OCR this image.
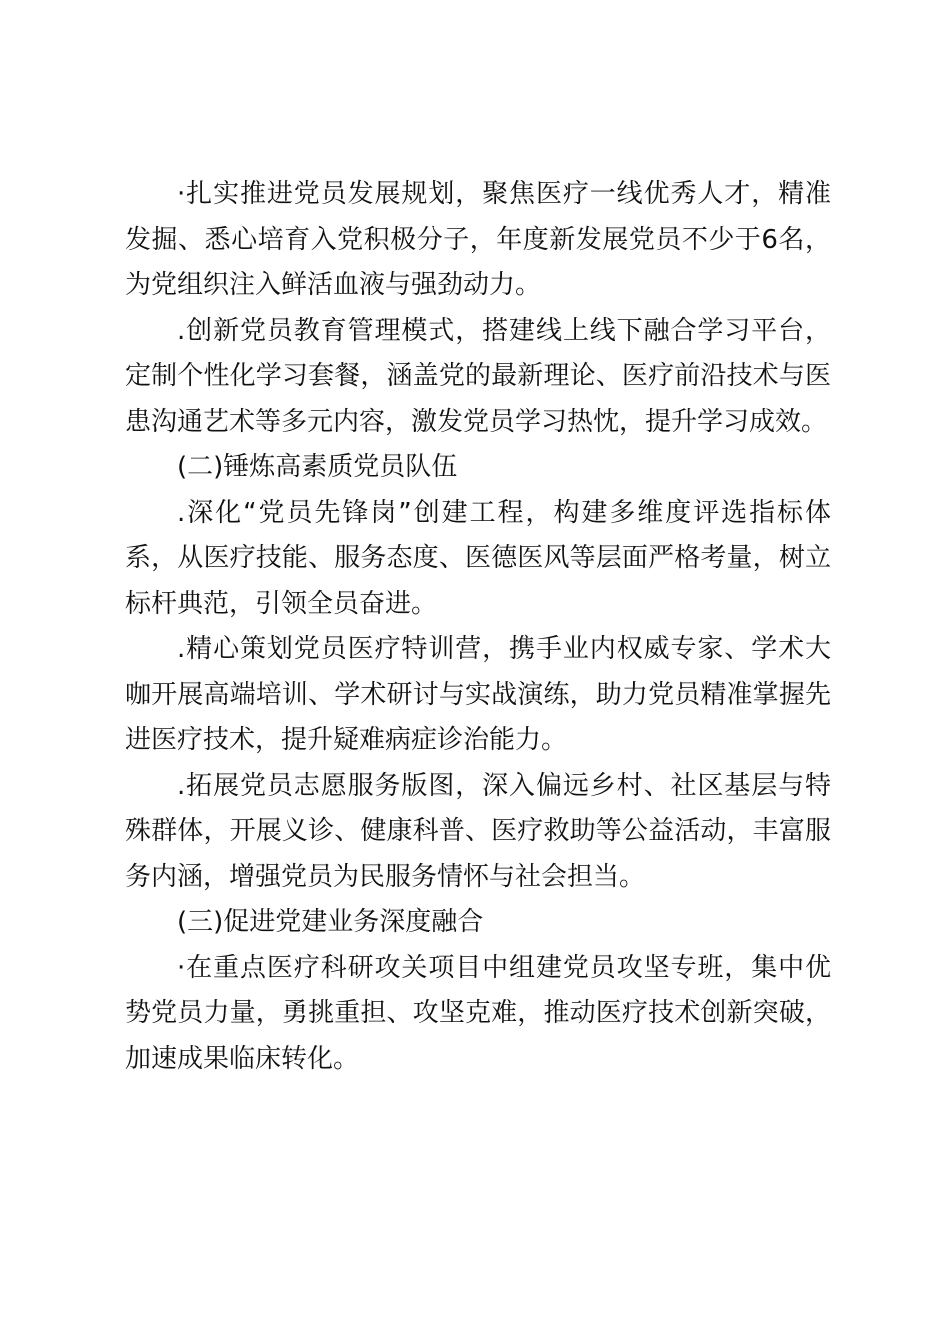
·扎实推进党员发展规划，聚焦医疗一线优秀人才，精准发掘、悉心培育入党积极分子，年度新发展党员不少于6名，为党组织注入鲜活血液与强劲动力。

.创新党员教育管理模式，搭建线上线下融合学习平台，定制个性化学习套餐，涵盖党的最新理论、医疗前沿技术与医患沟通艺术等多元内容，激发党员学习热忱，提升学习成效。

(二)锤炼高素质党员队伍

.深化“党员先锋岗”创建工程，构建多维度评选指标体系，从医疗技能、服务态度、医德医风等层面严格考量，树立标杆典范，引领全员奋进。

.精心策划党员医疗特训营，携手业内权威专家、学术大咖开展高端培训、学术研讨与实战演练，助力党员精准掌握先进医疗技术，提升疑难病症诊治能力。

.拓展党员志愿服务版图，深入偏远乡村、社区基层与特殊群体，开展义诊、健康科普、医疗救助等公益活动，丰富服务内涵，增强党员为民服务情怀与社会担当。

(三)促进党建业务深度融合

·在重点医疗科研攻关项目中组建党员攻坚专班，集中优势党员力量，勇挑重担、攻坚克难，推动医疗技术创新突破，加速成果临床转化。
